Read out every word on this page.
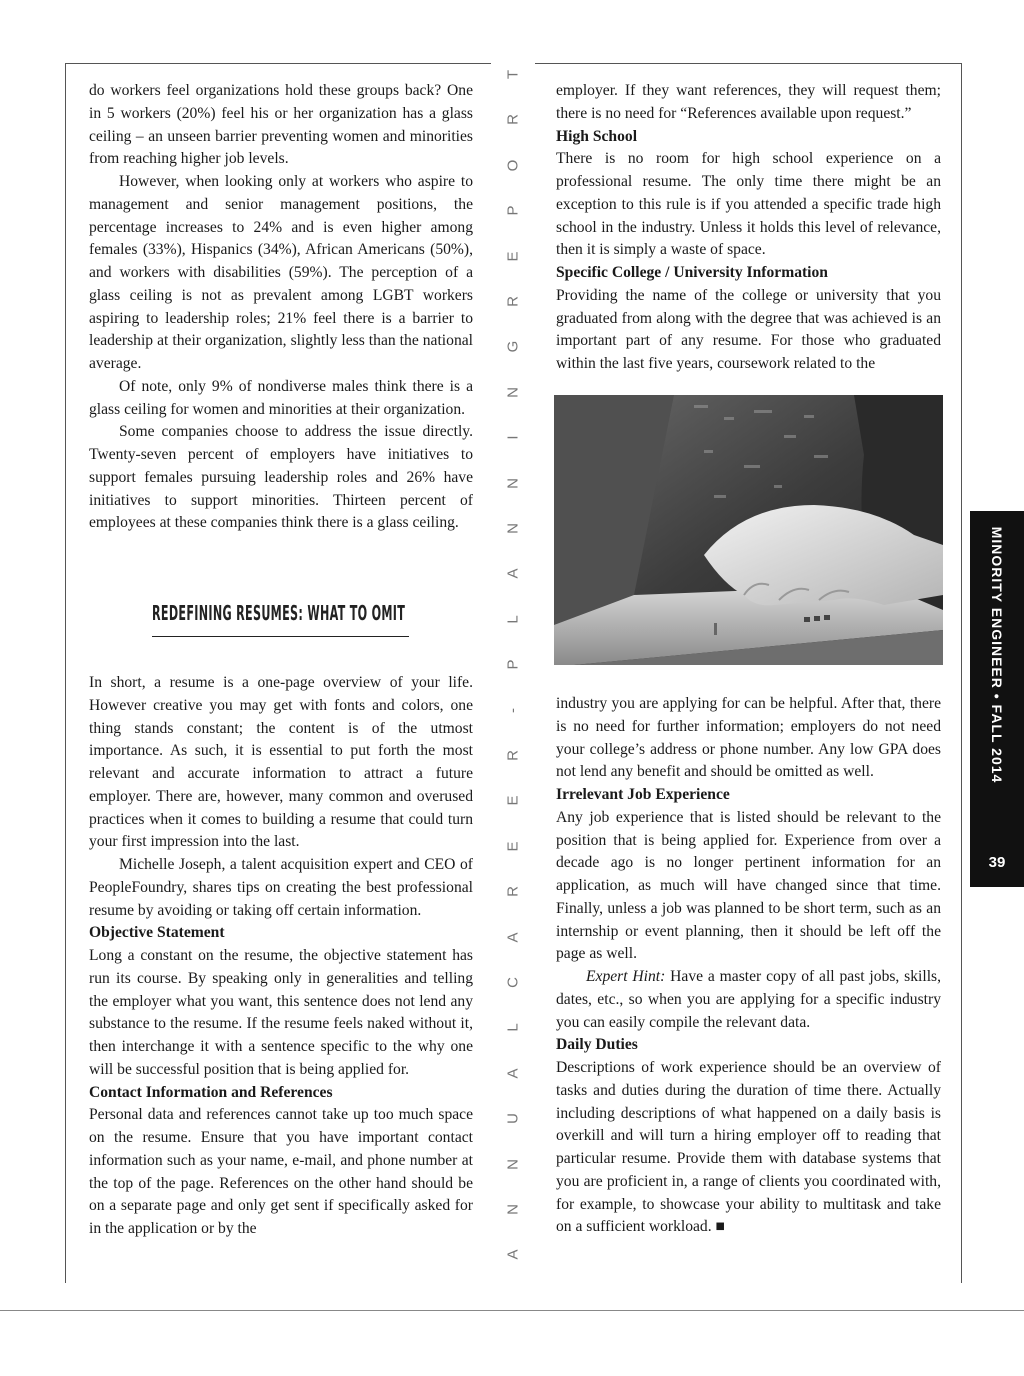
do workers feel organizations hold these groups back? One in 5 workers (20%) feel his or her organization has a glass ceiling – an unseen barrier preventing women and minorities from reaching higher job levels.

However, when looking only at workers who aspire to management and senior management positions, the percentage increases to 24% and is even higher among females (33%), Hispanics (34%), African Americans (50%), and workers with disabilities (59%). The perception of a glass ceiling is not as prevalent among LGBT workers aspiring to leadership roles; 21% feel there is a barrier to leadership at their organization, slightly less than the national average.

Of note, only 9% of nondiverse males think there is a glass ceiling for women and minorities at their organization.

Some companies choose to address the issue directly. Twenty-seven percent of employers have initiatives to support females pursuing leadership roles and 26% have initiatives to support minorities. Thirteen percent of employees at these companies think there is a glass ceiling.

REDEFINING RESUMES: WHAT TO OMIT

In short, a resume is a one-page overview of your life. However creative you may get with fonts and colors, one thing stands constant; the content is of the utmost importance. As such, it is essential to put forth the most relevant and accurate information to attract a future employer. There are, however, many common and overused practices when it comes to building a resume that could turn your first impression into the last.

Michelle Joseph, a talent acquisition expert and CEO of PeopleFoundry, shares tips on creating the best professional resume by avoiding or taking off certain information.

Objective Statement

Long a constant on the resume, the objective statement has run its course. By speaking only in generalities and telling the employer what you want, this sentence does not lend any substance to the resume. If the resume feels naked without it, then interchange it with a sentence specific to the why one will be successful position that is being applied for.

Contact Information and References

Personal data and references cannot take up too much space on the resume. Ensure that you have important contact information such as your name, e-mail, and phone number at the top of the page. References on the other hand should be on a separate page and only get sent if specifically asked for in the application or by the

employer. If they want references, they will request them; there is no need for “References available upon request.”

High School

There is no room for high school experience on a professional resume. The only time there might be an exception to this rule is if you attended a specific trade high school in the industry. Unless it holds this level of relevance, then it is simply a waste of space.

Specific College / University Information

Providing the name of the college or university that you graduated from along with the degree that was achieved is an important part of any resume. For those who graduated within the last five years, coursework related to the

industry you are applying for can be helpful. After that, there is no need for further information; employers do not need your college’s address or phone number. Any low GPA does not lend any benefit and should be omitted as well.

Irrelevant Job Experience

Any job experience that is listed should be relevant to the position that is being applied for. Experience from over a decade ago is no longer pertinent information for an application, as much will have changed since that time. Finally, unless a job was planned to be short term, such as an internship or event planning, then it should be left off the page as well.

Expert Hint: Have a master copy of all past jobs, skills, dates, etc., so when you are applying for a specific industry you can easily compile the relevant data.

Daily Duties

Descriptions of work experience should be an overview of tasks and duties during the duration of time there. Actually including descriptions of what happened on a daily basis is overkill and will turn a hiring employer off to reading that particular resume. Provide them with database systems that you are proficient in, a range of clients you coordinated with, for example, to showcase your ability to multitask and take on a sufficient workload. ■

T
R
O
P
E
R
G
N
I
N
N
A
L
P
-
R
E
E
R
A
C
L
A
U
N
N
A
MINORITY ENGINEER • FALL 2014
39
